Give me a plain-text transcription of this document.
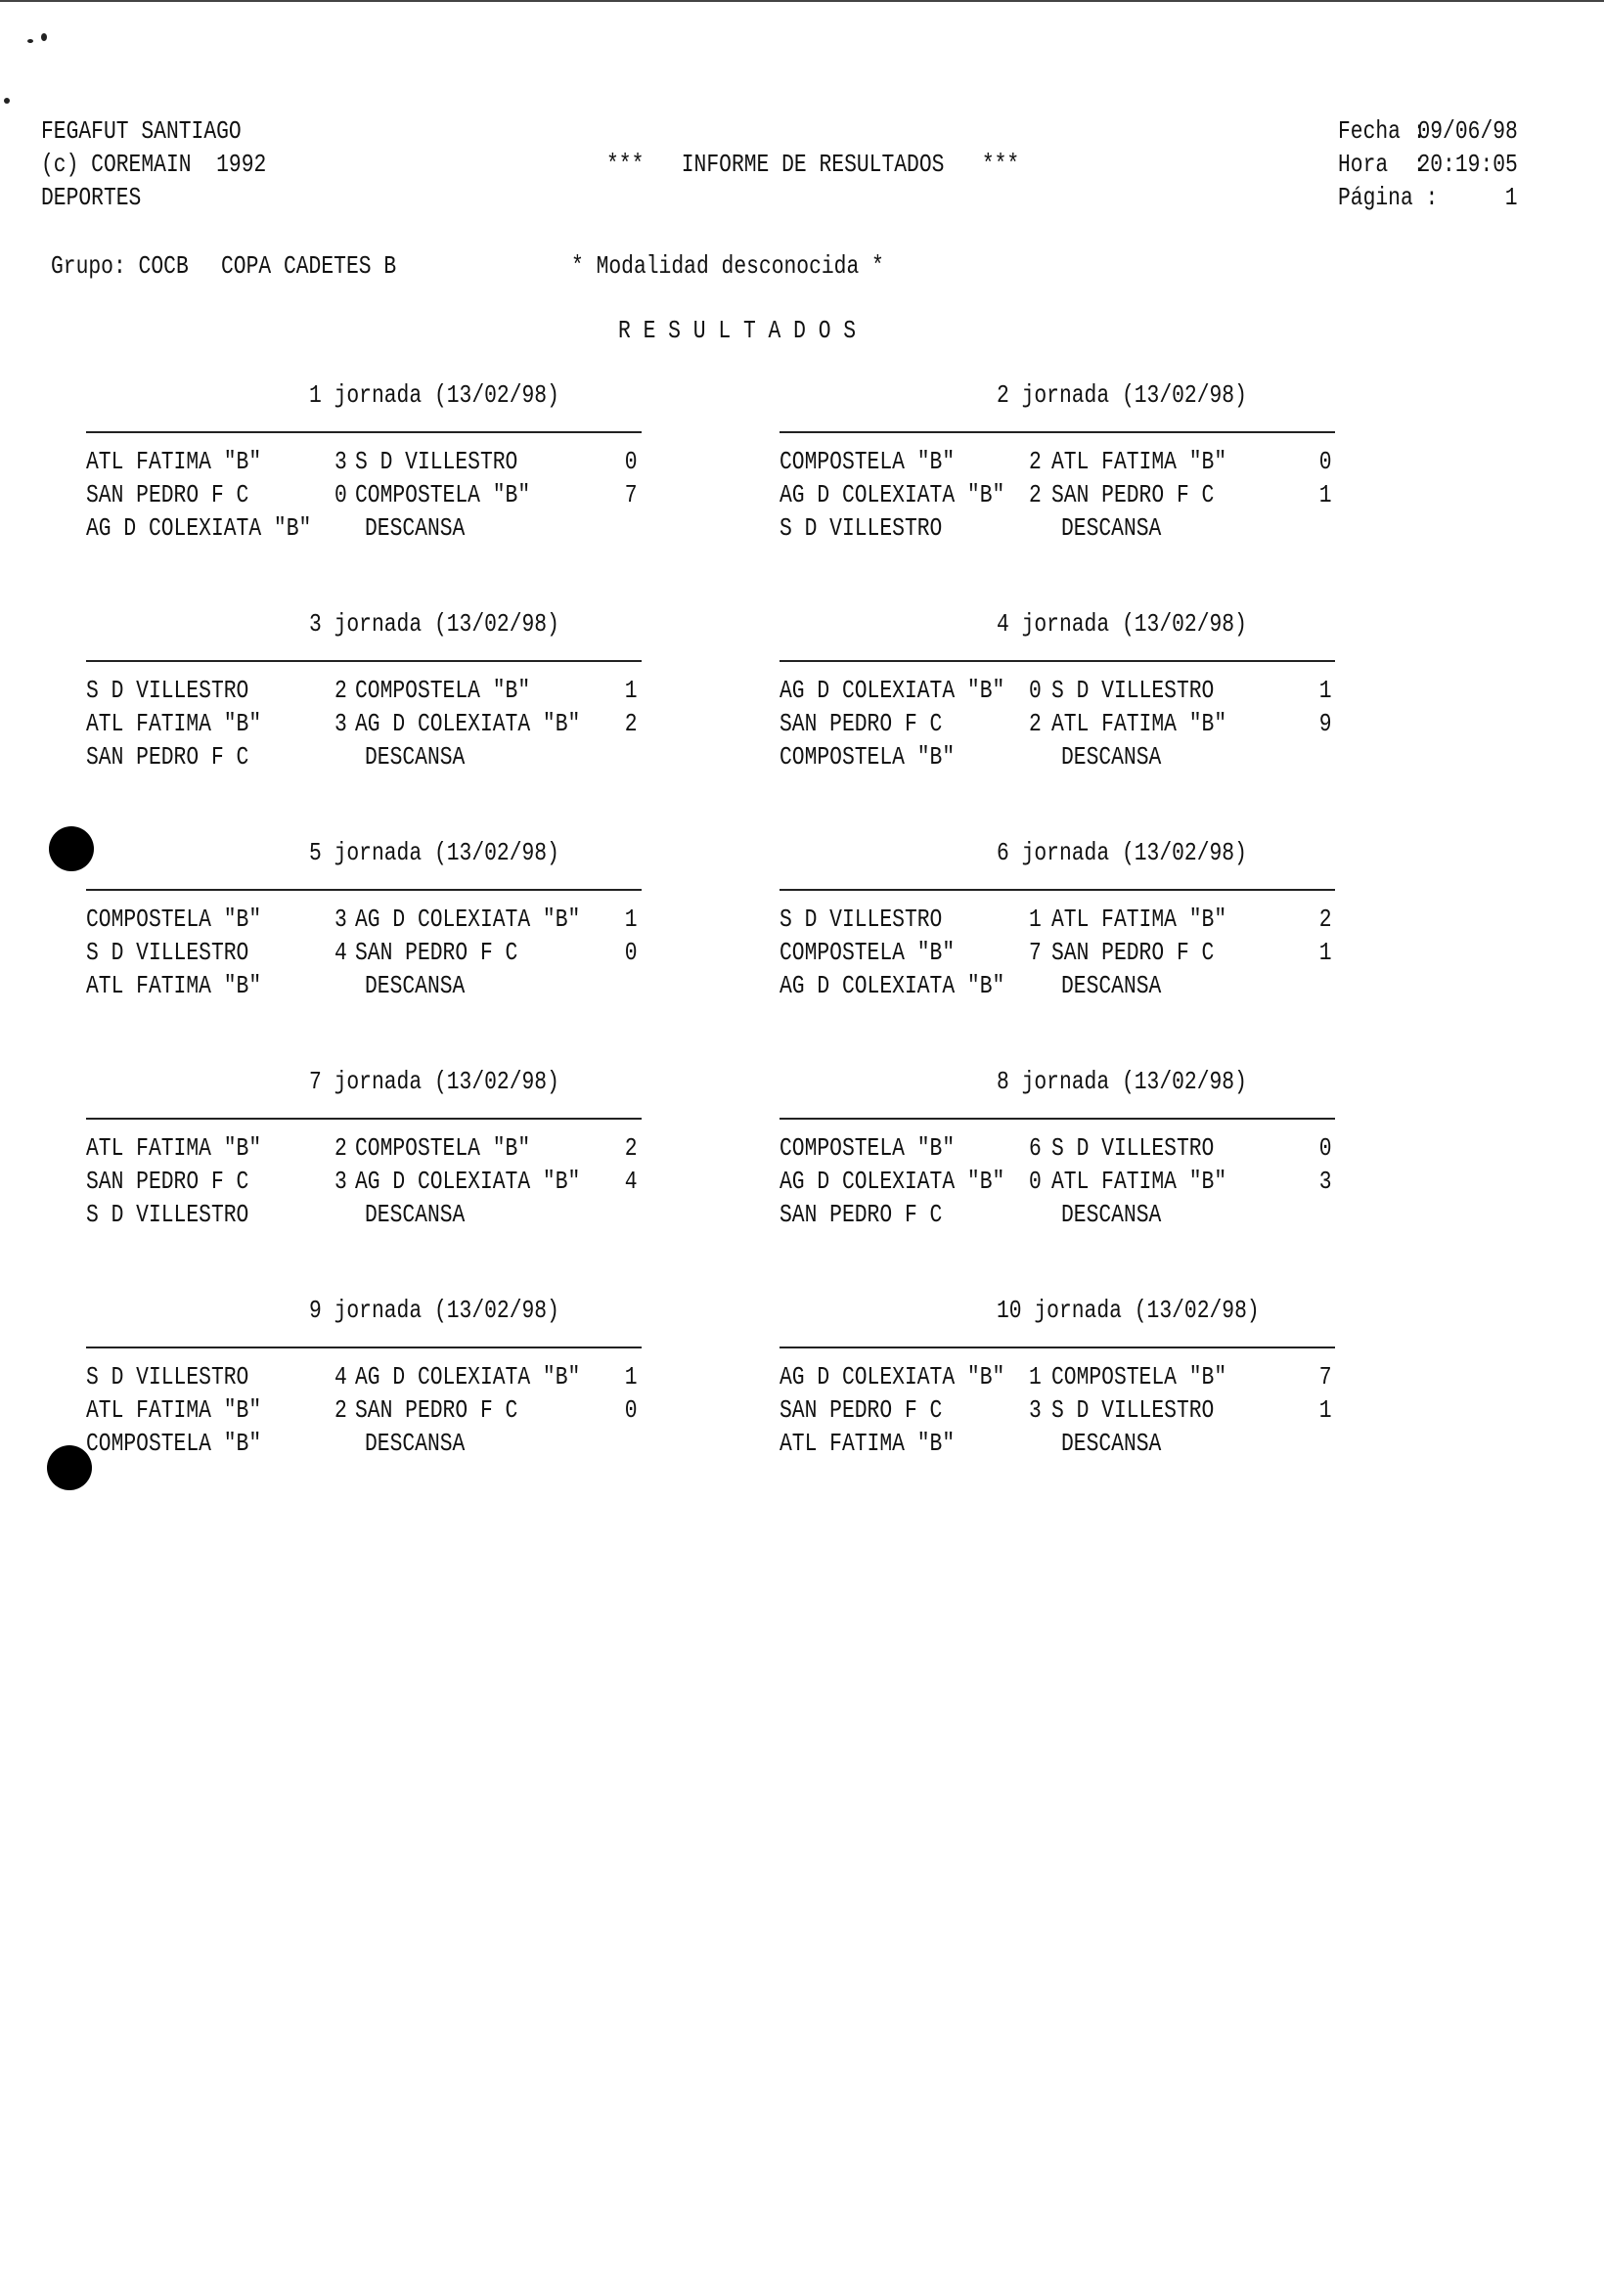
FEGAFUT SANTIAGO
(c) COREMAIN  1992
DEPORTES
***   INFORME DE RESULTADOS   ***
Fecha :
09/06/98
Hora  :
20:19:05
Página :	1
Grupo: COCB COPA CADETES B	* Modalidad desconocida *
R E S U L T A D O S
1 jornada (13/02/98)
ATL FATIMA "B"	3 S D VILLESTRO	0
SAN PEDRO F C	0 COMPOSTELA "B"	7
AG D COLEXIATA "B" DESCANSA
2 jornada (13/02/98)
COMPOSTELA "B"	2 ATL FATIMA "B"	0
AG D COLEXIATA "B" 2 SAN PEDRO F C	1
S D VILLESTRO	DESCANSA
3 jornada (13/02/98)
S D VILLESTRO	2 COMPOSTELA "B"	1
ATL FATIMA "B"	3 AG D COLEXIATA "B" 2
SAN PEDRO F C	DESCANSA
4 jornada (13/02/98)
AG D COLEXIATA "B" 0 S D VILLESTRO	1
SAN PEDRO F C	2 ATL FATIMA "B"	9
COMPOSTELA "B"	DESCANSA
5 jornada (13/02/98)
COMPOSTELA "B"	3 AG D COLEXIATA "B" 1
S D VILLESTRO	4 SAN PEDRO F C	0
ATL FATIMA "B"	DESCANSA
6 jornada (13/02/98)
S D VILLESTRO	1 ATL FATIMA "B"	2
COMPOSTELA "B"	7 SAN PEDRO F C	1
AG D COLEXIATA "B" DESCANSA
7 jornada (13/02/98)
ATL FATIMA "B"	2 COMPOSTELA "B"	2
SAN PEDRO F C	3 AG D COLEXIATA "B" 4
S D VILLESTRO	DESCANSA
8 jornada (13/02/98)
COMPOSTELA "B"	6 S D VILLESTRO	0
AG D COLEXIATA "B" 0 ATL FATIMA "B"	3
SAN PEDRO F C	DESCANSA
9 jornada (13/02/98)
S D VILLESTRO	4 AG D COLEXIATA "B" 1
ATL FATIMA "B"	2 SAN PEDRO F C	0
COMPOSTELA "B"	DESCANSA
10 jornada (13/02/98)
AG D COLEXIATA "B" 1 COMPOSTELA "B"	7
SAN PEDRO F C	3 S D VILLESTRO	1
ATL FATIMA "B"	DESCANSA
